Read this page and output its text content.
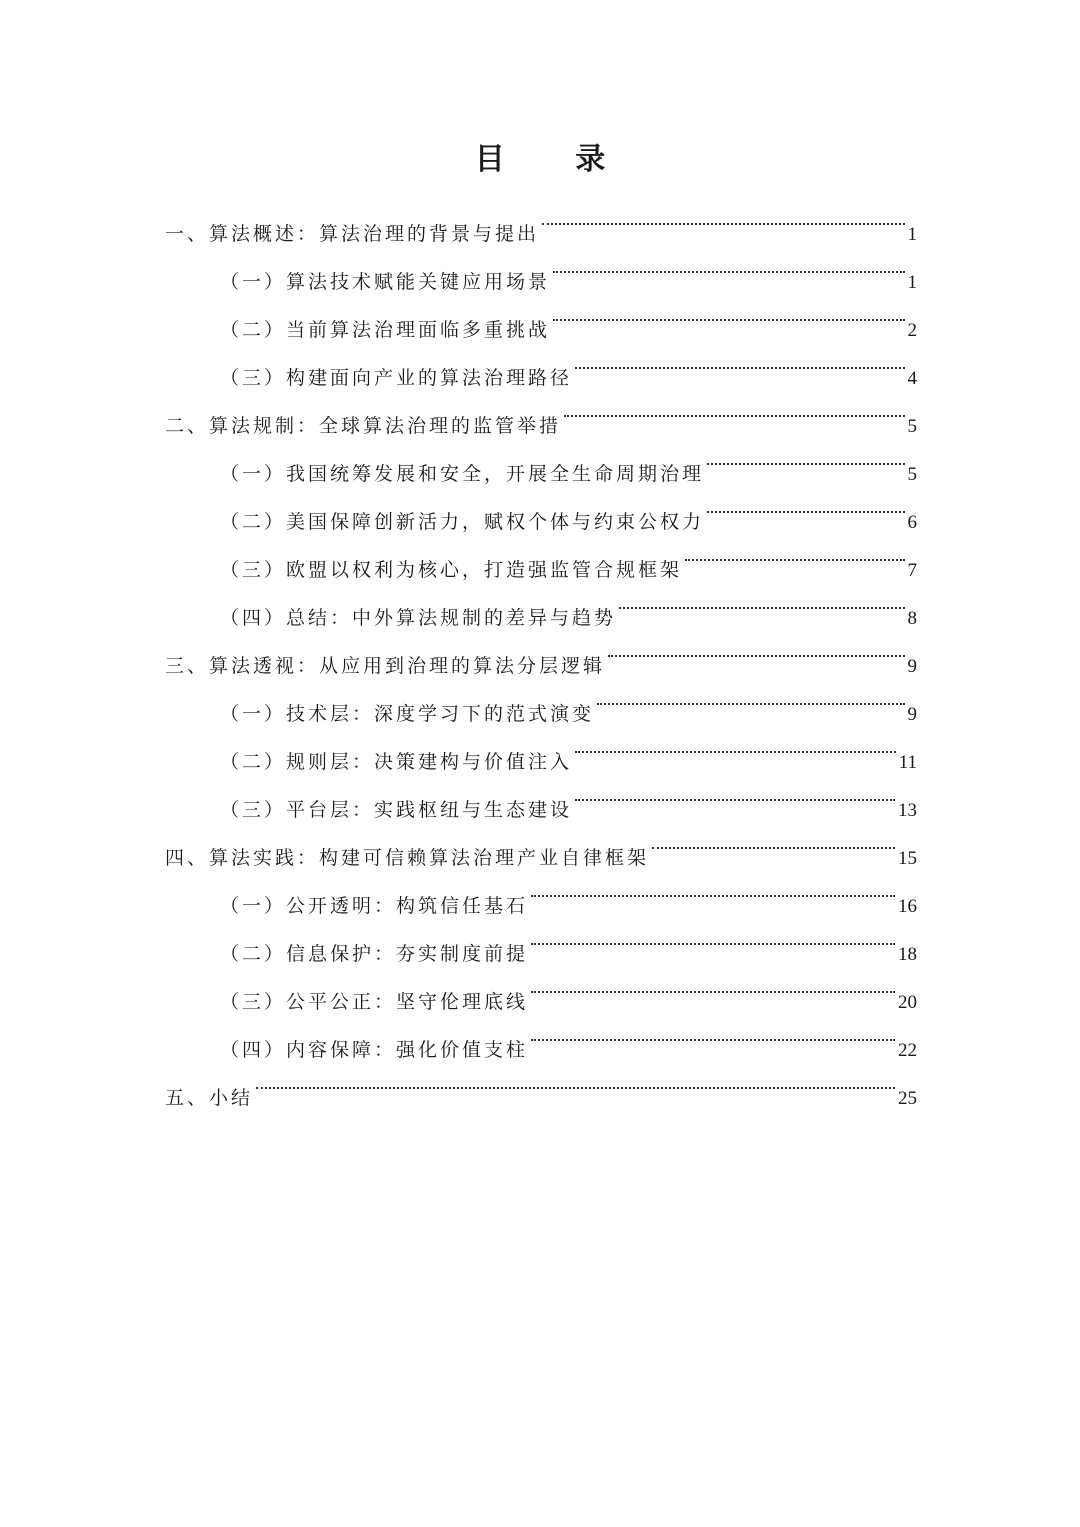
目 录
一、算法概述：算法治理的背景与提出	1
（一）算法技术赋能关键应用场景	1
（二）当前算法治理面临多重挑战	2
（三）构建面向产业的算法治理路径	4
二、算法规制：全球算法治理的监管举措	5
（一）我国统筹发展和安全，开展全生命周期治理	5
（二）美国保障创新活力，赋权个体与约束公权力	6
（三）欧盟以权利为核心，打造强监管合规框架	7
（四）总结：中外算法规制的差异与趋势	8
三、算法透视：从应用到治理的算法分层逻辑	9
（一）技术层：深度学习下的范式演变	9
（二）规则层：决策建构与价值注入	11
（三）平台层：实践枢纽与生态建设	13
四、算法实践：构建可信赖算法治理产业自律框架	15
（一）公开透明：构筑信任基石	16
（二）信息保护：夯实制度前提	18
（三）公平公正：坚守伦理底线	20
（四）内容保障：强化价值支柱	22
五、小结	25
